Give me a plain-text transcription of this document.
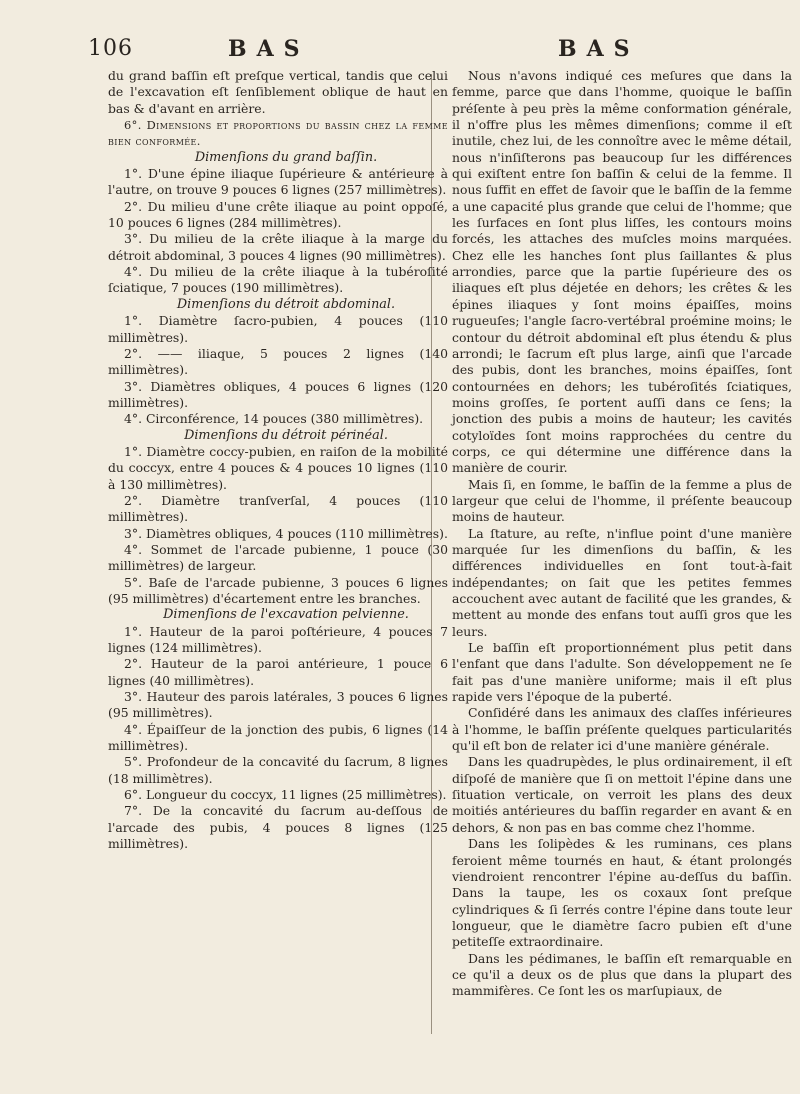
106	BAS	BAS

du grand baſſin eſt preſque vertical, tandis que celui de l'excavation eſt ſenſiblement oblique de haut en bas & d'avant en arrière.

6°. Dimensions et proportions du bassin chez la femme bien conformée.

Dimenſions du grand baſſin.

1°. D'une épine iliaque ſupérieure & antérieure à l'autre, on trouve 9 pouces 6 lignes (257 millimètres).

2°. Du milieu d'une crête iliaque au point oppoſé, 10 pouces 6 lignes (284 millimètres).

3°. Du milieu de la crête iliaque à la marge du détroit abdominal, 3 pouces 4 lignes (90 millimètres).

4°. Du milieu de la crête iliaque à la tubéroſité ſciatique, 7 pouces (190 millimètres).

Dimenſions du détroit abdominal.

1°. Diamètre ſacro-pubien, 4 pouces (110 millimètres).

2°. —— iliaque, 5 pouces 2 lignes (140 millimètres).

3°. Diamètres obliques, 4 pouces 6 lignes (120 millimètres).

4°. Circonférence, 14 pouces (380 millimètres).

Dimenſions du détroit périnéal.

1°. Diamètre coccy-pubien, en raiſon de la mobilité du coccyx, entre 4 pouces & 4 pouces 10 lignes (110 à 130 millimètres).

2°. Diamètre tranſverſal, 4 pouces (110 millimètres).

3°. Diamètres obliques, 4 pouces (110 millimètres).

4°. Sommet de l'arcade pubienne, 1 pouce (30 millimètres) de largeur.

5°. Baſe de l'arcade pubienne, 3 pouces 6 lignes (95 millimètres) d'écartement entre les branches.

Dimenſions de l'excavation pelvienne.

1°. Hauteur de la paroi poſtérieure, 4 pouces 7 lignes (124 millimètres).

2°. Hauteur de la paroi antérieure, 1 pouce 6 lignes (40 millimètres).

3°. Hauteur des parois latérales, 3 pouces 6 lignes (95 millimètres).

4°. Épaiſſeur de la jonction des pubis, 6 lignes (14 millimètres).

5°. Profondeur de la concavité du ſacrum, 8 lignes (18 millimètres).

6°. Longueur du coccyx, 11 lignes (25 millimètres).

7°. De la concavité du ſacrum au-deſſous de l'arcade des pubis, 4 pouces 8 lignes (125 millimètres).

Nous n'avons indiqué ces meſures que dans la femme, parce que dans l'homme, quoique le baſſin préſente à peu près la même conformation générale, il n'offre plus les mêmes dimenſions; comme il eſt inutile, chez lui, de les connoître avec le même détail, nous n'inſiſterons pas beaucoup ſur les différences qui exiſtent entre ſon baſſin & celui de la femme. Il nous ſuffit en effet de ſavoir que le baſſin de la femme a une capacité plus grande que celui de l'homme; que les ſurfaces en ſont plus liſſes, les contours moins forcés, les attaches des muſcles moins marquées. Chez elle les hanches ſont plus ſaillantes & plus arrondies, parce que la partie ſupérieure des os iliaques eſt plus déjetée en dehors; les crêtes & les épines iliaques y ſont moins épaiſſes, moins rugueuſes; l'angle ſacro-vertébral proémine moins; le contour du détroit abdominal eſt plus étendu & plus arrondi; le ſacrum eſt plus large, ainſi que l'arcade des pubis, dont les branches, moins épaiſſes, ſont contournées en dehors; les tubéroſités ſciatiques, moins groſſes, ſe portent auſſi dans ce ſens; la jonction des pubis a moins de hauteur; les cavités cotyloïdes ſont moins rapprochées du centre du corps, ce qui détermine une différence dans la manière de courir.

Mais ſi, en ſomme, le baſſin de la femme a plus de largeur que celui de l'homme, il préſente beaucoup moins de hauteur.

La ſtature, au reſte, n'influe point d'une manière marquée ſur les dimenſions du baſſin, & les différences individuelles en ſont tout-à-fait indépendantes; on ſait que les petites femmes accouchent avec autant de facilité que les grandes, & mettent au monde des enfans tout auſſi gros que les leurs.

Le baſſin eſt proportionnément plus petit dans l'enfant que dans l'adulte. Son développement ne ſe fait pas d'une manière uniforme; mais il eſt plus rapide vers l'époque de la puberté.

Conſidéré dans les animaux des claſſes inférieures à l'homme, le baſſin préſente quelques particularités qu'il eſt bon de relater ici d'une manière générale.

Dans les quadrupèdes, le plus ordinairement, il eſt diſpoſé de manière que ſi on mettoit l'épine dans une ſituation verticale, on verroit les plans des deux moitiés antérieures du baſſin regarder en avant & en dehors, & non pas en bas comme chez l'homme.

Dans les ſolipèdes & les ruminans, ces plans feroient même tournés en haut, & étant prolongés viendroient rencontrer l'épine au-deſſus du baſſin. Dans la taupe, les os coxaux ſont preſque cylindriques & ſi ſerrés contre l'épine dans toute leur longueur, que le diamètre ſacro pubien eſt d'une petiteſſe extraordinaire.

Dans les pédimanes, le baſſin eſt remarquable en ce qu'il a deux os de plus que dans la plupart des mammifères. Ce ſont les os marſupiaux, de
